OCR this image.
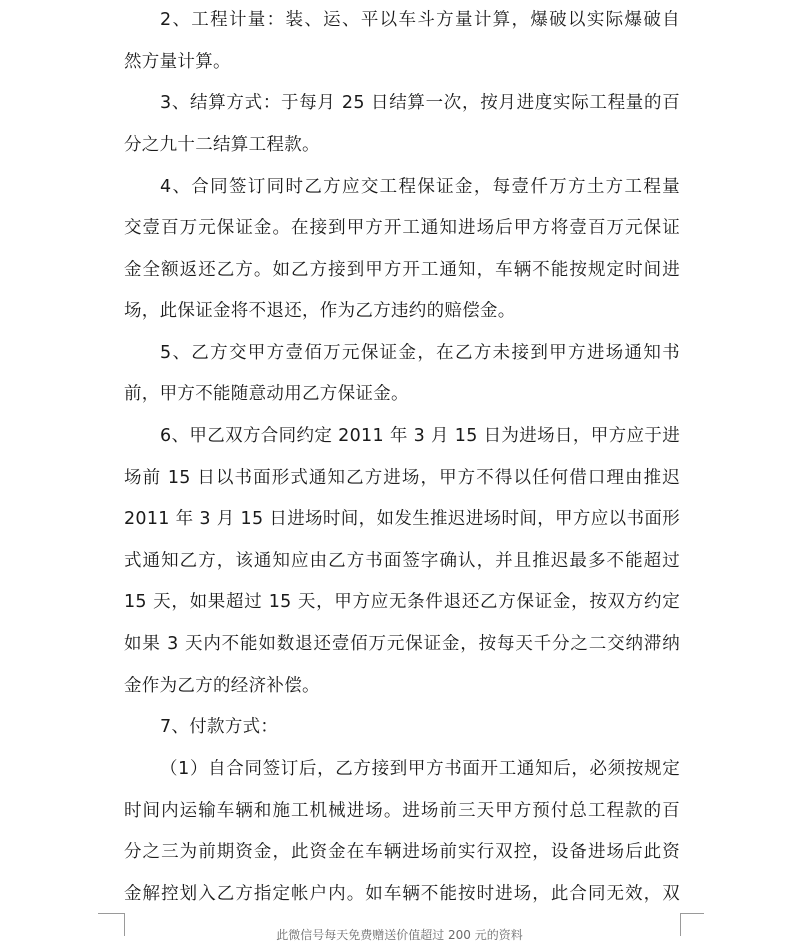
2、工程计量：装、运、平以车斗方量计算，爆破以实际爆破自
然方量计算。
3、结算方式：于每月 25 日结算一次，按月进度实际工程量的百
分之九十二结算工程款。
4、合同签订同时乙方应交工程保证金，每壹仟万方土方工程量
交壹百万元保证金。在接到甲方开工通知进场后甲方将壹百万元保证
金全额返还乙方。如乙方接到甲方开工通知，车辆不能按规定时间进
场，此保证金将不退还，作为乙方违约的赔偿金。
5、乙方交甲方壹佰万元保证金，在乙方未接到甲方进场通知书
前，甲方不能随意动用乙方保证金。
6、甲乙双方合同约定 2011 年 3 月 15 日为进场日，甲方应于进
场前 15 日以书面形式通知乙方进场，甲方不得以任何借口理由推迟
2011 年 3 月 15 日进场时间，如发生推迟进场时间，甲方应以书面形
式通知乙方，该通知应由乙方书面签字确认，并且推迟最多不能超过
15 天，如果超过 15 天，甲方应无条件退还乙方保证金，按双方约定
如果 3 天内不能如数退还壹佰万元保证金，按每天千分之二交纳滞纳
金作为乙方的经济补偿。
7、付款方式：
（1）自合同签订后，乙方接到甲方书面开工通知后，必须按规定
时间内运输车辆和施工机械进场。进场前三天甲方预付总工程款的百
分之三为前期资金，此资金在车辆进场前实行双控，设备进场后此资
金解控划入乙方指定帐户内。如车辆不能按时进场，此合同无效，双
此微信号每天免费赠送价值超过 200 元的资料
